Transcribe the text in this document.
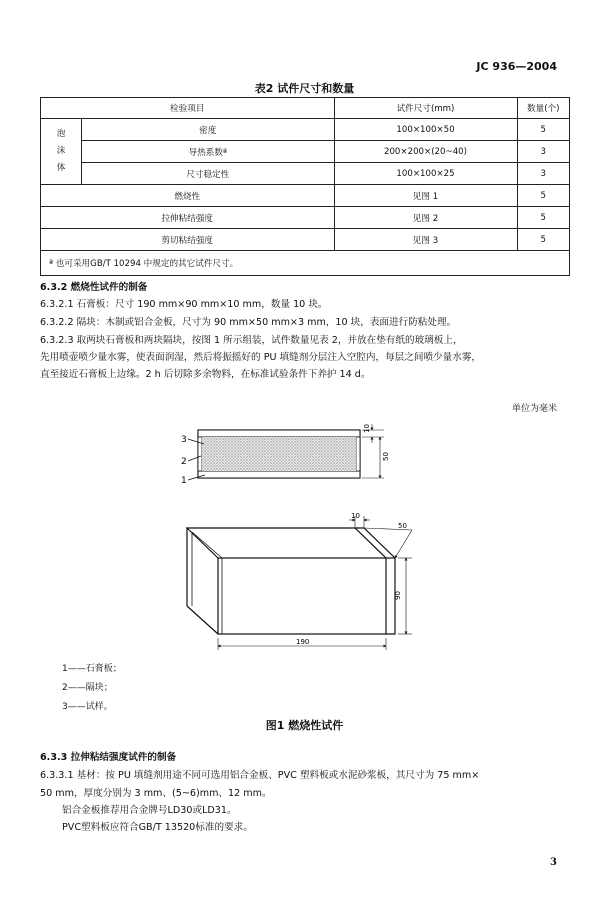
JC 936—2004
表2 试件尺寸和数量
检验项目		试件尺寸(mm)	数量(个)

泡
沫
体	密度	100×100×50	5
	导热系数ª	200×200×(20~40)	3
	尺寸稳定性	100×100×25	3
燃烧性		见图 1	5
拉伸粘结强度		见图 2	5
剪切粘结强度		见图 3	5
ª 也可采用GB/T 10294 中规定的其它试件尺寸。			
6.3.2 燃烧性试件的制备
6.3.2.1 石膏板：尺寸 190 mm×90 mm×10 mm，数量 10 块。
6.3.2.2 隔块：木制或铝合金板，尺寸为 90 mm×50 mm×3 mm，10 块，表面进行防粘处理。
6.3.2.3 取两块石膏板和两块隔块，按图 1 所示组装，试件数量见表 2，并放在垫有纸的玻璃板上，
先用喷壶喷少量水雾，使表面润湿，然后将振摇好的 PU 填缝剂分层注入空腔内，每层之间喷少量水雾，
直至接近石膏板上边缘。2 h 后切除多余物料，在标准试验条件下养护 14 d。
单位为毫米
3
2
1
10
50
10
50
90
190
1——石膏板；
2——隔块；
3——试样。
图1 燃烧性试件
6.3.3 拉伸粘结强度试件的制备
6.3.3.1 基材：按 PU 填缝剂用途不同可选用铝合金板、PVC 塑料板或水泥砂浆板，其尺寸为 75 mm×
50 mm，厚度分别为 3 mm、(5~6)mm、12 mm。
铝合金板推荐用合金牌号LD30或LD31。
PVC塑料板应符合GB/T 13520标准的要求。
3
